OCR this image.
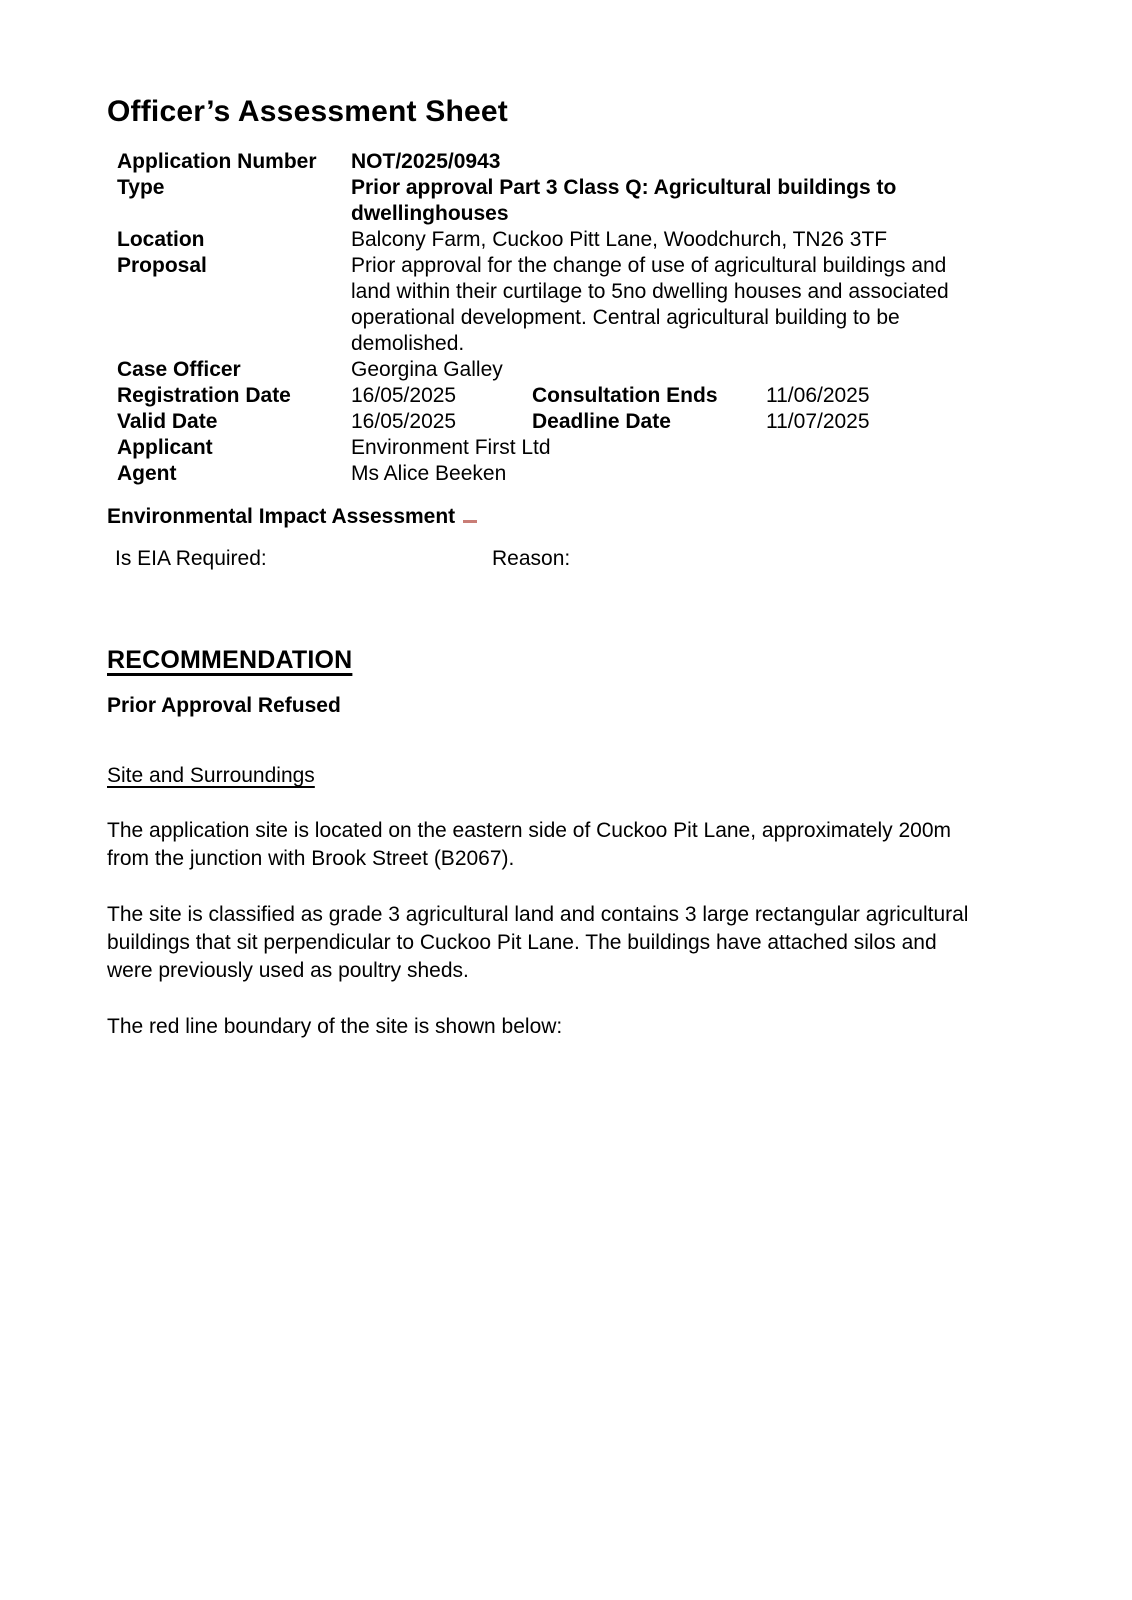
Officer’s Assessment Sheet
Application Number	NOT/2025/0943
Type	Prior approval Part 3 Class Q: Agricultural buildings to dwellinghouses
Location	Balcony Farm, Cuckoo Pitt Lane, Woodchurch, TN26 3TF
Proposal	Prior approval for the change of use of agricultural buildings and land within their curtilage to 5no dwelling houses and associated operational development. Central agricultural building to be demolished.
Case Officer	Georgina Galley
Registration Date	16/05/2025	Consultation Ends	11/06/2025
Valid Date	16/05/2025	Deadline Date	11/07/2025
Applicant	Environment First Ltd
Agent	Ms Alice Beeken
Environmental Impact Assessment
Is EIA Required:	Reason:
RECOMMENDATION

Prior Approval Refused

Site and Surroundings

The application site is located on the eastern side of Cuckoo Pit Lane, approximately 200m from the junction with Brook Street (B2067).

The site is classified as grade 3 agricultural land and contains 3 large rectangular agricultural buildings that sit perpendicular to Cuckoo Pit Lane. The buildings have attached silos and were previously used as poultry sheds.

The red line boundary of the site is shown below:
